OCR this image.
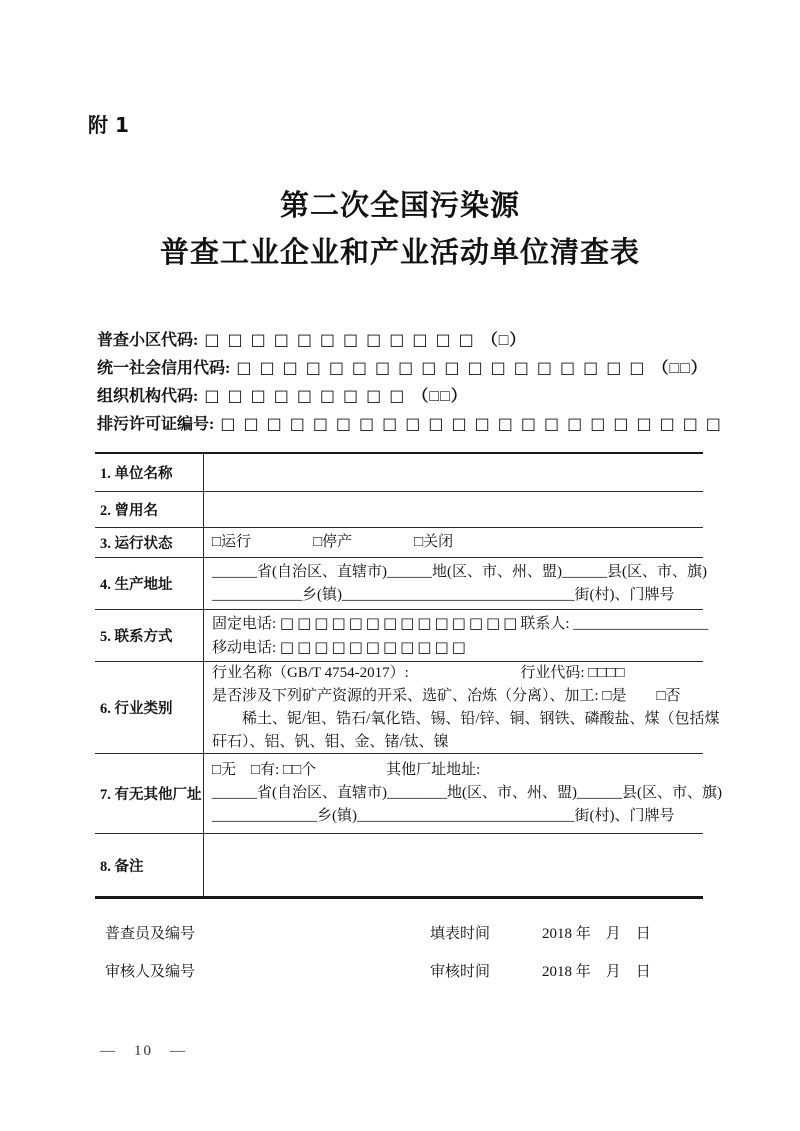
附 1
第二次全国污染源
普查工业企业和产业活动单位清查表
普查小区代码: □□□□□□□□□□□□（□）
统一社会信用代码: □□□□□□□□□□□□□□□□□□（□□）
组织机构代码: □□□□□□□□□（□□）
排污许可证编号: □□□□□□□□□□□□□□□□□□□□□□
1. 单位名称
2. 曾用名
3. 运行状态	□运行	□停产	□关闭
4. 生产地址
______省(自治区、直辖市)______地(区、市、州、盟)______县(区、市、旗)
____________乡(镇)_______________________________街(村)、门牌号
5. 联系方式
固定电话: □□□□□□□□□□□□□□联系人: __________________
移动电话: □□□□□□□□□□□
6. 行业类别
行业名称（GB/T 4754-2017）:	行业代码: □□□□
是否涉及下列矿产资源的开采、选矿、冶炼（分离）、加工: □是　　□否
　　稀土、铌/钽、锆石/氧化锆、锡、铅/锌、铜、钢铁、磷酸盐、煤（包括煤
矸石）、铝、钒、钼、金、锗/钛、镍
7. 有无其他厂址
□无　□有: □□个	其他厂址地址:
______省(自治区、直辖市)________地(区、市、州、盟)______县(区、市、旗)
______________乡(镇)_____________________________街(村)、门牌号
8. 备注
普查员及编号	填表时间	2018 年　月　日
审核人及编号	审核时间	2018 年　月　日
—　10　—
